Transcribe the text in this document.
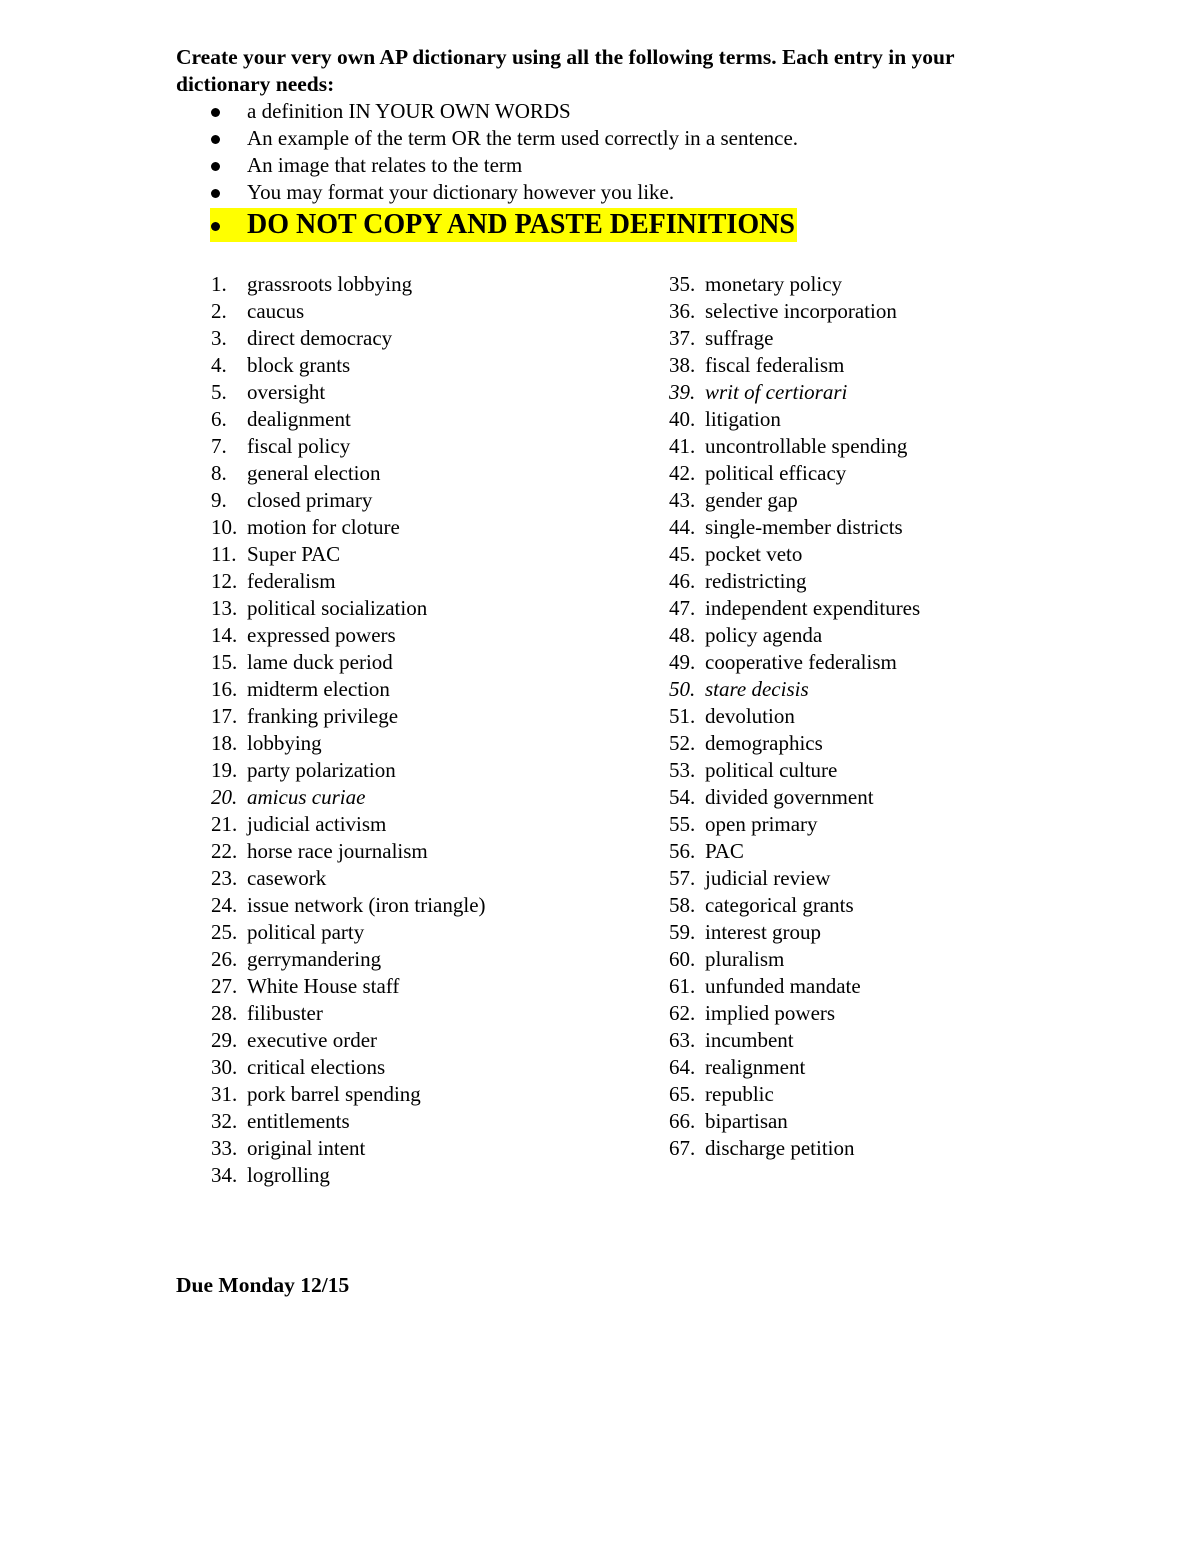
Create your very own AP dictionary using all the following terms. Each entry in your dictionary needs:
a definition IN YOUR OWN WORDS
An example of the term OR the term used correctly in a sentence.
An image that relates to the term
You may format your dictionary however you like.
DO NOT COPY AND PASTE DEFINITIONS
1. grassroots lobbying
2. caucus
3. direct democracy
4. block grants
5. oversight
6. dealignment
7. fiscal policy
8. general election
9. closed primary
10. motion for cloture
11. Super PAC
12. federalism
13. political socialization
14. expressed powers
15. lame duck period
16. midterm election
17. franking privilege
18. lobbying
19. party polarization
20. amicus curiae
21. judicial activism
22. horse race journalism
23. casework
24. issue network (iron triangle)
25. political party
26. gerrymandering
27. White House staff
28. filibuster
29. executive order
30. critical elections
31. pork barrel spending
32. entitlements
33. original intent
34. logrolling
35. monetary policy
36. selective incorporation
37. suffrage
38. fiscal federalism
39. writ of certiorari
40. litigation
41. uncontrollable spending
42. political efficacy
43. gender gap
44. single-member districts
45. pocket veto
46. redistricting
47. independent expenditures
48. policy agenda
49. cooperative federalism
50. stare decisis
51. devolution
52. demographics
53. political culture
54. divided government
55. open primary
56. PAC
57. judicial review
58. categorical grants
59. interest group
60. pluralism
61. unfunded mandate
62. implied powers
63. incumbent
64. realignment
65. republic
66. bipartisan
67. discharge petition
Due Monday 12/15
